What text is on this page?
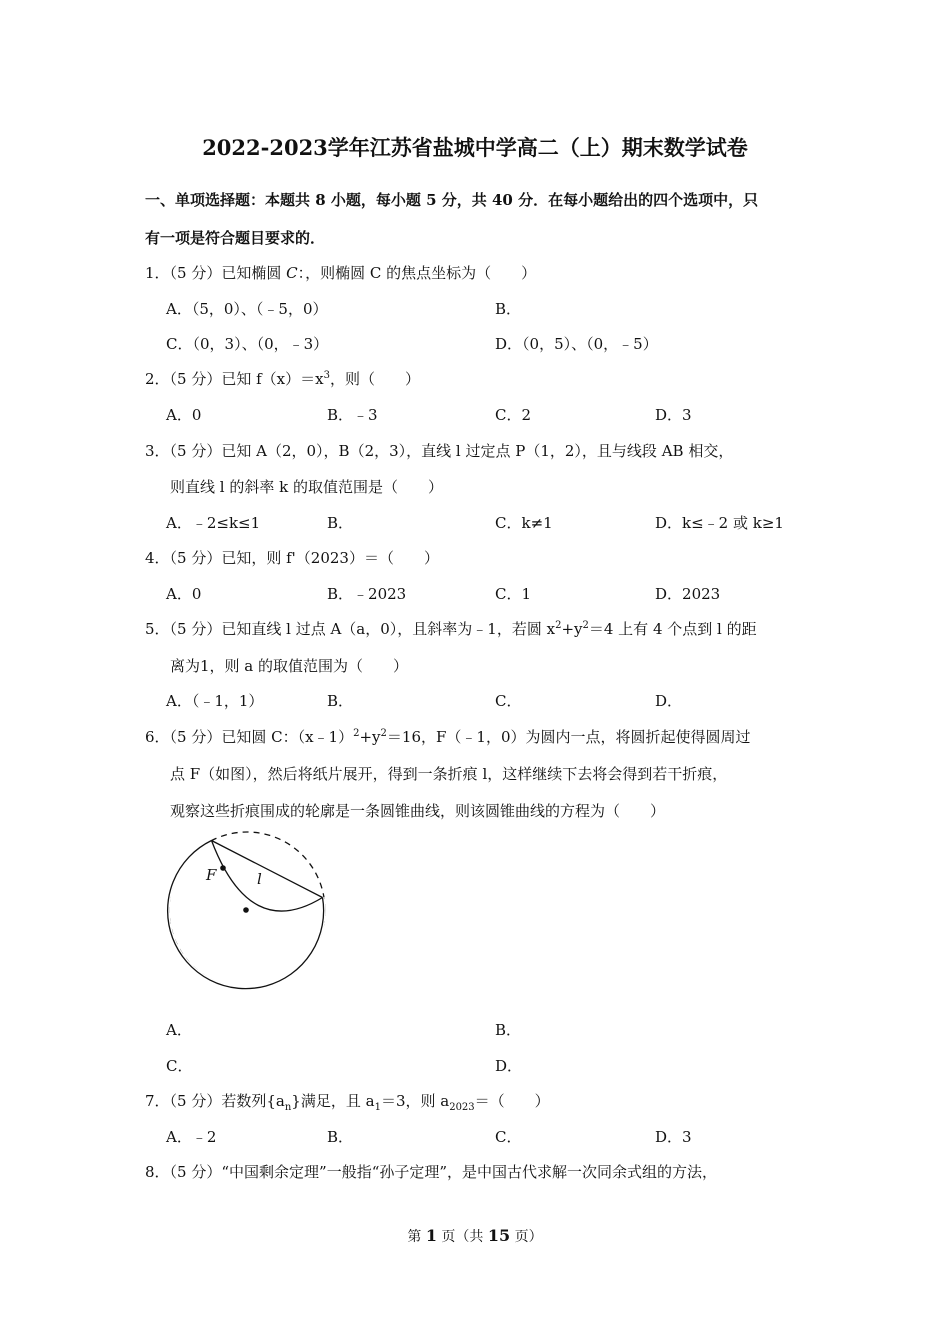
2022-2023学年江苏省盐城中学高二（上）期末数学试卷
一、单项选择题：本题共 8 小题，每小题 5 分，共 40 分．在每小题给出的四个选项中，只
有一项是符合题目要求的．
1．（5 分）已知椭圆 C：，则椭圆 C 的焦点坐标为（　　）
A．（5，0）、（﹣5，0）	B．
C．（0，3）、（0，﹣3）	D．（0，5）、（0，﹣5）
2．（5 分）已知 $f(x)=x^3$，则（　　）
A．0	B．﹣3	C．2	D．3
3．（5 分）已知 A（2，0），B（2，3），直线 l 过定点 P（1，2），且与线段 AB 相交，
则直线 l 的斜率 k 的取值范围是（　　）
A．﹣2≤k≤1	B．	C．k≠1	D．k≤﹣2 或 k≥1
4．（5 分）已知，则 f'（2023）＝（　　）
A．0	B．﹣2023	C．1	D．2023
5．（5 分）已知直线 l 过点 A（a，0），且斜率为﹣1，若圆 $x^2+y^2=4$ 上有 4 个点到 l 的距
离为1，则 a 的取值范围为（　　）
A．（﹣1，1）	B．	C．	D．
6．（5 分）已知圆 C：$(x﹣1)^2+y^2=16$，F（﹣1，0）为圆内一点，将圆折起使得圆周过
点 F（如图），然后将纸片展开，得到一条折痕 l，这样继续下去将会得到若干折痕，
观察这些折痕围成的轮廓是一条圆锥曲线，则该圆锥曲线的方程为（　　）
F	l
A．	B．
C．	D．
7．（5 分）若数列$\{a_n\}$满足，且 $a_1=3$，则 $a_{2023}=$（　　）
A．﹣2	B．	C．	D．3
8．（5 分）“中国剩余定理”一般指“孙子定理”，是中国古代求解一次同余式组的方法，
第 1 页（共 15 页）
